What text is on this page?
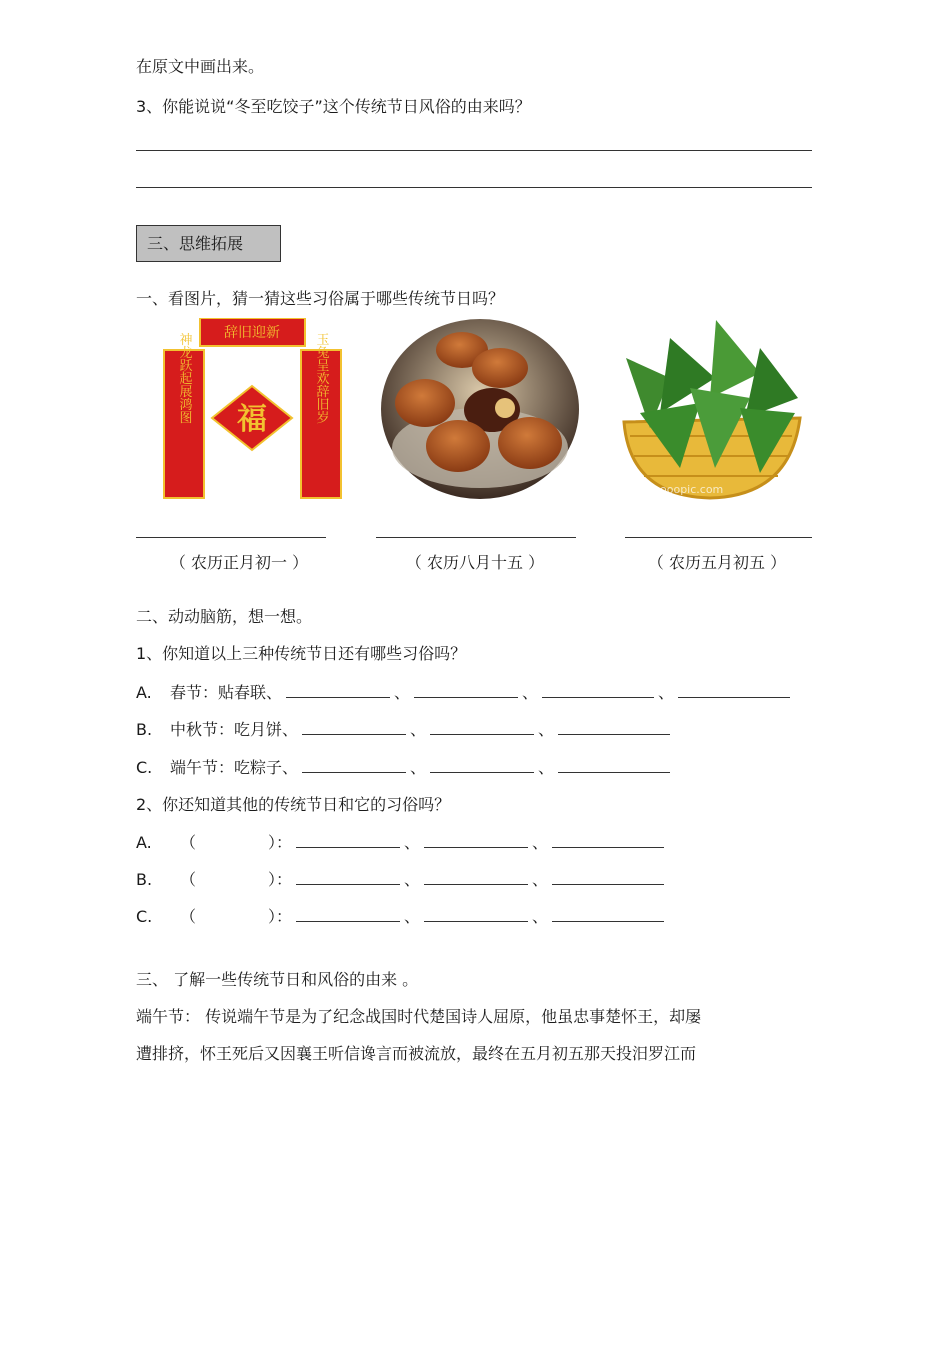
在原文中画出来。
3、你能说说“冬至吃饺子”这个传统节日风俗的由来吗？
三、思维拓展
一、看图片，猜一猜这些习俗属于哪些传统节日吗？
辞旧迎新
神龙跃起展鸿图	玉兔呈欢辞旧岁
福
ooopic.com
（ 农历正月初一 ）	（ 农历八月十五 ）	（ 农历五月初五 ）
二、动动脑筋，想一想。
1、你知道以上三种传统节日还有哪些习俗吗？
A. 春节：贴春联、	、	、	、
B. 中秋节：吃月饼、	、	、
C. 端午节：吃粽子、	、	、
2、你还知道其他的传统节日和它的习俗吗？
A. （	）：	、	、
B. （	）：	、	、
C. （	）：	、	、
三、 了解一些传统节日和风俗的由来 。
端午节： 传说端午节是为了纪念战国时代楚国诗人屈原，他虽忠事楚怀王，却屡
遭排挤，怀王死后又因襄王听信谗言而被流放，最终在五月初五那天投汨罗江而
